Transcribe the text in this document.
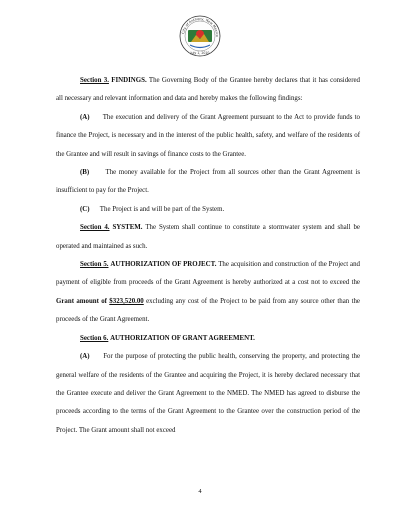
City of Anthony, New Mexico
July 1, 2010

Section 3. FINDINGS. The Governing Body of the Grantee hereby declares that it has considered all necessary and relevant information and data and hereby makes the following findings:

(A) The execution and delivery of the Grant Agreement pursuant to the Act to provide funds to finance the Project, is necessary and in the interest of the public health, safety, and welfare of the residents of the Grantee and will result in savings of finance costs to the Grantee.

(B) The money available for the Project from all sources other than the Grant Agreement is insufficient to pay for the Project.

(C) The Project is and will be part of the System.

Section 4. SYSTEM. The System shall continue to constitute a stormwater system and shall be operated and maintained as such.

Section 5. AUTHORIZATION OF PROJECT. The acquisition and construction of the Project and payment of eligible from proceeds of the Grant Agreement is hereby authorized at a cost not to exceed the Grant amount of $323,520.00 excluding any cost of the Project to be paid from any source other than the proceeds of the Grant Agreement.

Section 6. AUTHORIZATION OF GRANT AGREEMENT.

(A) For the purpose of protecting the public health, conserving the property, and protecting the general welfare of the residents of the Grantee and acquiring the Project, it is hereby declared necessary that the Grantee execute and deliver the Grant Agreement to the NMED. The NMED has agreed to disburse the proceeds according to the terms of the Grant Agreement to the Grantee over the construction period of the Project. The Grant amount shall not exceed

4
